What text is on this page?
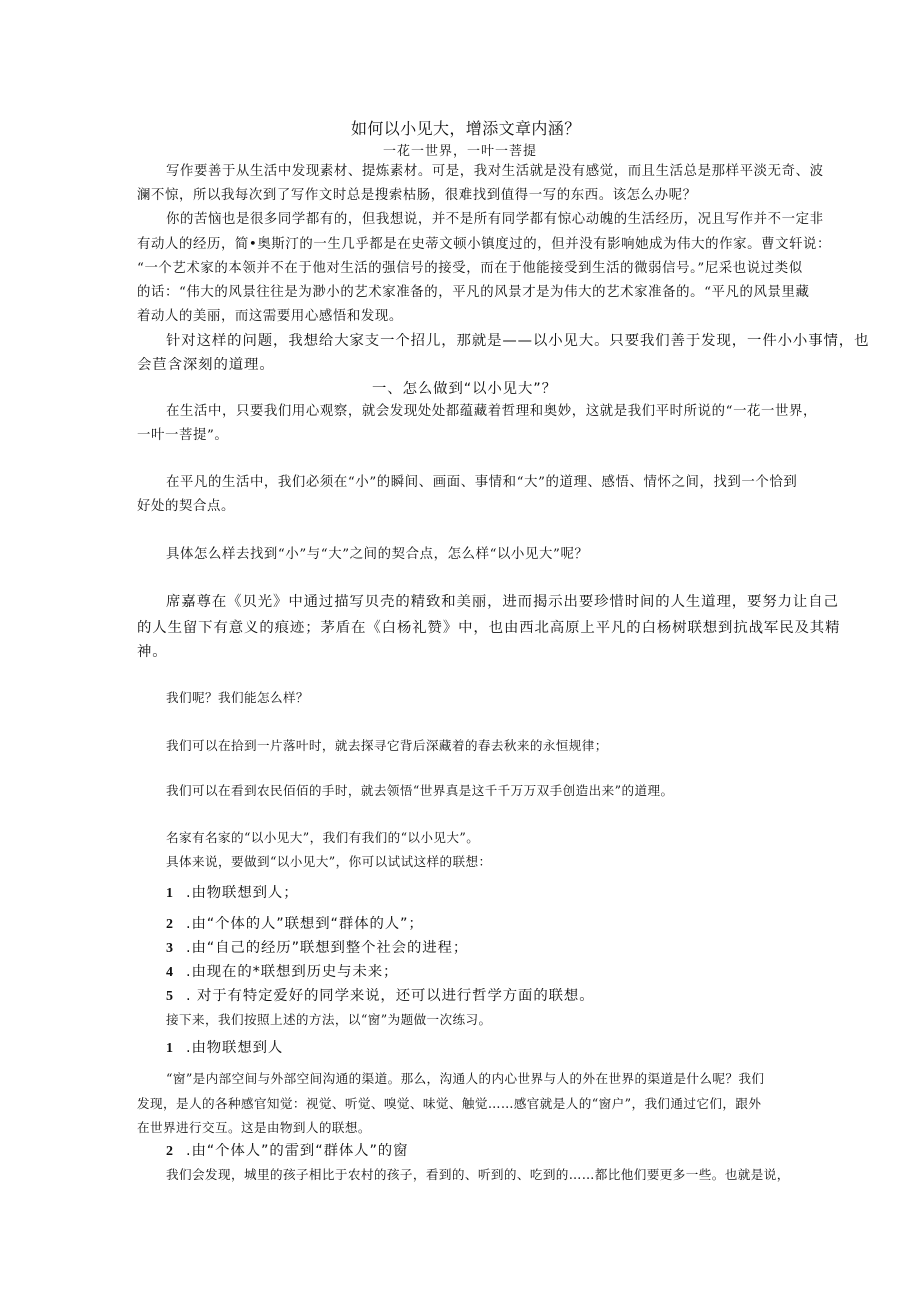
如何以小见大，增添文章内涵？
一花一世界，一叶一菩提
写作要善于从生活中发现素材、提炼素材。可是，我对生活就是没有感觉，而且生活总是那样平淡无奇、波
澜不惊，所以我每次到了写作文时总是搜索枯肠，很难找到值得一写的东西。该怎么办呢？
你的苦恼也是很多同学都有的，但我想说，并不是所有同学都有惊心动魄的生活经历，况且写作并不一定非
有动人的经历，简•奥斯汀的一生几乎都是在史蒂文顿小镇度过的，但并没有影响她成为伟大的作家。曹文轩说：
“一个艺术家的本领并不在于他对生活的强信号的接受，而在于他能接受到生活的微弱信号。”尼采也说过类似
的话：“伟大的风景往往是为渺小的艺术家准备的，平凡的风景才是为伟大的艺术家准备的。“平凡的风景里藏
着动人的美丽，而这需要用心感悟和发现。
针对这样的问题，我想给大家支一个招儿，那就是——以小见大。只要我们善于发现，一件小小事情，也
会苣含深刻的道理。
一、怎么做到“以小见大”？
在生活中，只要我们用心观察，就会发现处处都蕴藏着哲理和奥妙，这就是我们平时所说的“一花一世界，
一叶一菩提”。
在平凡的生活中，我们必须在“小”的瞬间、画面、事情和“大”的道理、感悟、情怀之间，找到一个恰到
好处的契合点。
具体怎么样去找到“小”与“大”之间的契合点，怎么样“以小见大”呢？
席嘉尊在《贝光》中通过描写贝壳的精致和美丽，进而揭示出要珍惜时间的人生道理，要努力让自己
的人生留下有意义的痕迹；茅盾在《白杨礼赞》中，也由西北高原上平凡的白杨树联想到抗战军民及其精
神。
我们呢？我们能怎么样？
我们可以在拾到一片落叶时，就去探寻它背后深藏着的春去秋来的永恒规律；
我们可以在看到农民佰佰的手时，就去领悟“世界真是这千千万万双手创造出来”的道理。
名家有名家的“以小见大”，我们有我们的“以小见大”。
具体来说，要做到“以小见大”，你可以试试这样的联想：
1 .由物联想到人；
2 .由“个体的人”联想到“群体的人”；
3 .由“自己的经历”联想到整个社会的进程；
4 .由现在的*联想到历史与未来；
5 . 对于有特定爱好的同学来说，还可以进行哲学方面的联想。
接下来，我们按照上述的方法，以“窗”为题做一次练习。
1 .由物联想到人
“窗”是内部空间与外部空间沟通的渠道。那么，沟通人的内心世界与人的外在世界的渠道是什么呢？我们
发现，是人的各种感官知觉：视觉、听觉、嗅觉、味觉、触觉……感官就是人的“窗户”，我们通过它们，跟外
在世界进行交互。这是由物到人的联想。
2 .由“个体人”的雷到“群体人”的窗
我们会发现，城里的孩子相比于农村的孩子，看到的、听到的、吃到的……都比他们要更多一些。也就是说，
